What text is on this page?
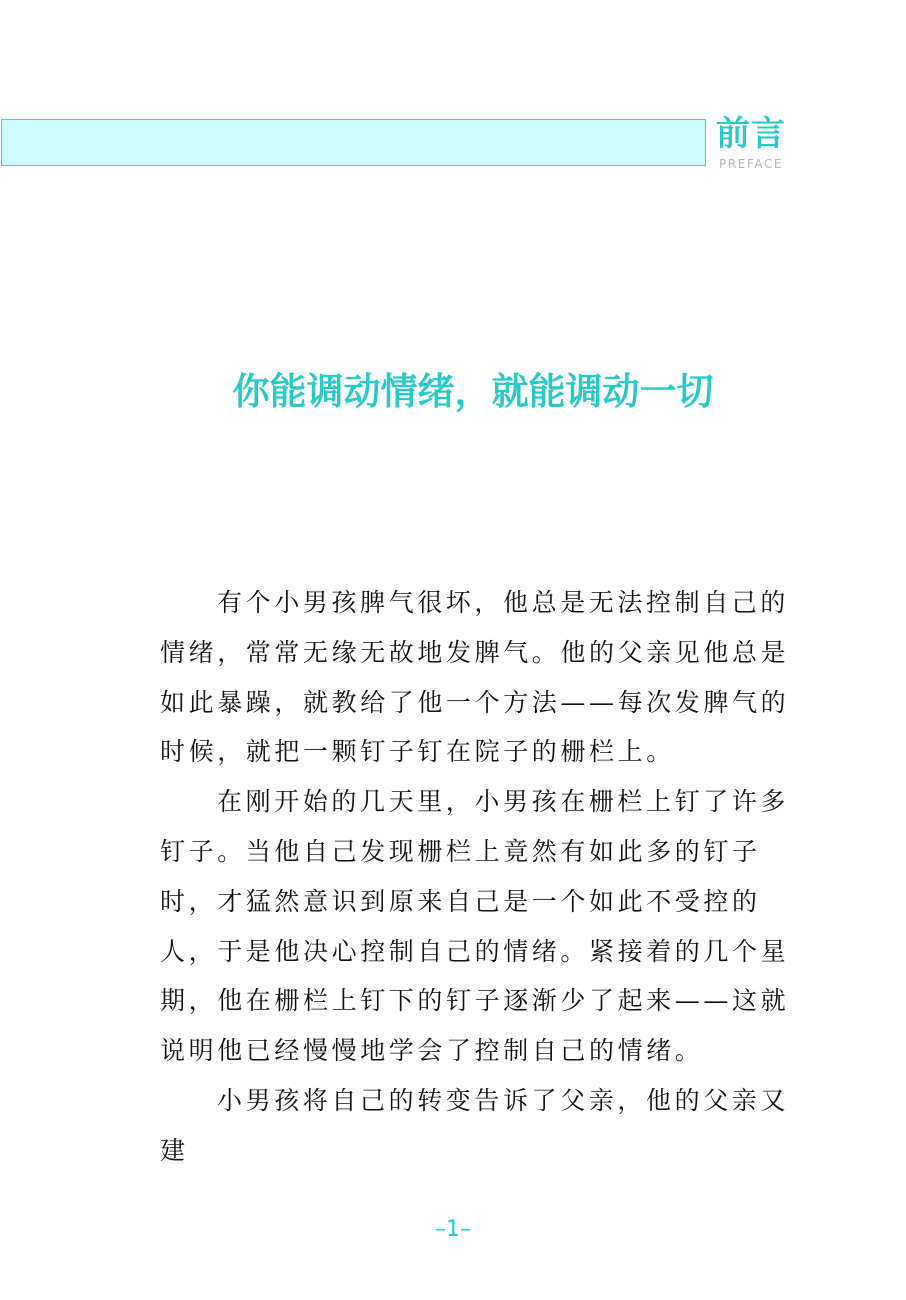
前言
PREFACE
你能调动情绪，就能调动一切

有个小男孩脾气很坏，他总是无法控制自己的情绪，常常无缘无故地发脾气。他的父亲见他总是如此暴躁，就教给了他一个方法——每次发脾气的时候，就把一颗钉子钉在院子的栅栏上。

在刚开始的几天里，小男孩在栅栏上钉了许多钉子。当他自己发现栅栏上竟然有如此多的钉子时，才猛然意识到原来自己是一个如此不受控的人，于是他决心控制自己的情绪。紧接着的几个星期，他在栅栏上钉下的钉子逐渐少了起来——这就说明他已经慢慢地学会了控制自己的情绪。

小男孩将自己的转变告诉了父亲，他的父亲又建

–1–
